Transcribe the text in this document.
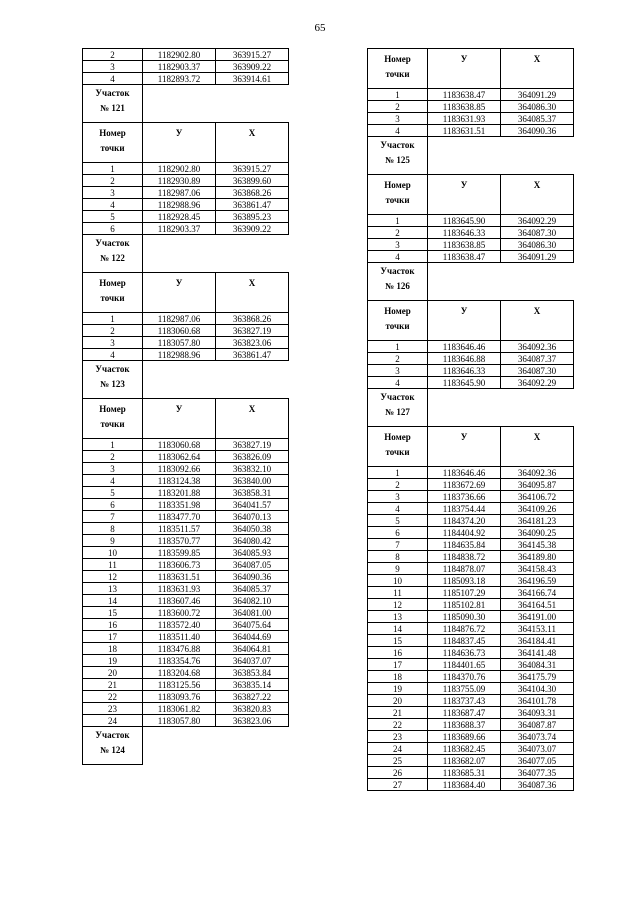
65
2	1182902.80	363915.27
3	1182903.37	363909.22
4	1182893.72	363914.61
Участок
№ 121		
Номер
точки	У	Х
1	1182902.80	363915.27
2	1182930.89	363899.60
3	1182987.06	363868.26
4	1182988.96	363861.47
5	1182928.45	363895.23
6	1182903.37	363909.22
Участок
№ 122		
Номер
точки	У	Х
1	1182987.06	363868.26
2	1183060.68	363827.19
3	1183057.80	363823.06
4	1182988.96	363861.47
Участок
№ 123		
Номер
точки	У	Х
1	1183060.68	363827.19
2	1183062.64	363826.09
3	1183092.66	363832.10
4	1183124.38	363840.00
5	1183201.88	363858.31
6	1183351.98	364041.57
7	1183477.70	364070.13
8	1183511.57	364050.38
9	1183570.77	364080.42
10	1183599.85	364085.93
11	1183606.73	364087.05
12	1183631.51	364090.36
13	1183631.93	364085.37
14	1183607.46	364082.10
15	1183600.72	364081.00
16	1183572.40	364075.64
17	1183511.40	364044.69
18	1183476.88	364064.81
19	1183354.76	364037.07
20	1183204.68	363853.84
21	1183125.56	363835.14
22	1183093.76	363827.22
23	1183061.82	363820.83
24	1183057.80	363823.06
Участок
№ 124		
Номер
точки	У	Х
1	1183638.47	364091.29
2	1183638.85	364086.30
3	1183631.93	364085.37
4	1183631.51	364090.36
Участок
№ 125		
Номер
точки	У	Х
1	1183645.90	364092.29
2	1183646.33	364087.30
3	1183638.85	364086.30
4	1183638.47	364091.29
Участок
№ 126		
Номер
точки	У	Х
1	1183646.46	364092.36
2	1183646.88	364087.37
3	1183646.33	364087.30
4	1183645.90	364092.29
Участок
№ 127		
Номер
точки	У	Х
1	1183646.46	364092.36
2	1183672.69	364095.87
3	1183736.66	364106.72
4	1183754.44	364109.26
5	1184374.20	364181.23
6	1184404.92	364090.25
7	1184635.84	364145.38
8	1184838.72	364189.80
9	1184878.07	364158.43
10	1185093.18	364196.59
11	1185107.29	364166.74
12	1185102.81	364164.51
13	1185090.30	364191.00
14	1184876.72	364153.11
15	1184837.45	364184.41
16	1184636.73	364141.48
17	1184401.65	364084.31
18	1184370.76	364175.79
19	1183755.09	364104.30
20	1183737.43	364101.78
21	1183687.47	364093.31
22	1183688.37	364087.87
23	1183689.66	364073.74
24	1183682.45	364073.07
25	1183682.07	364077.05
26	1183685.31	364077.35
27	1183684.40	364087.36
